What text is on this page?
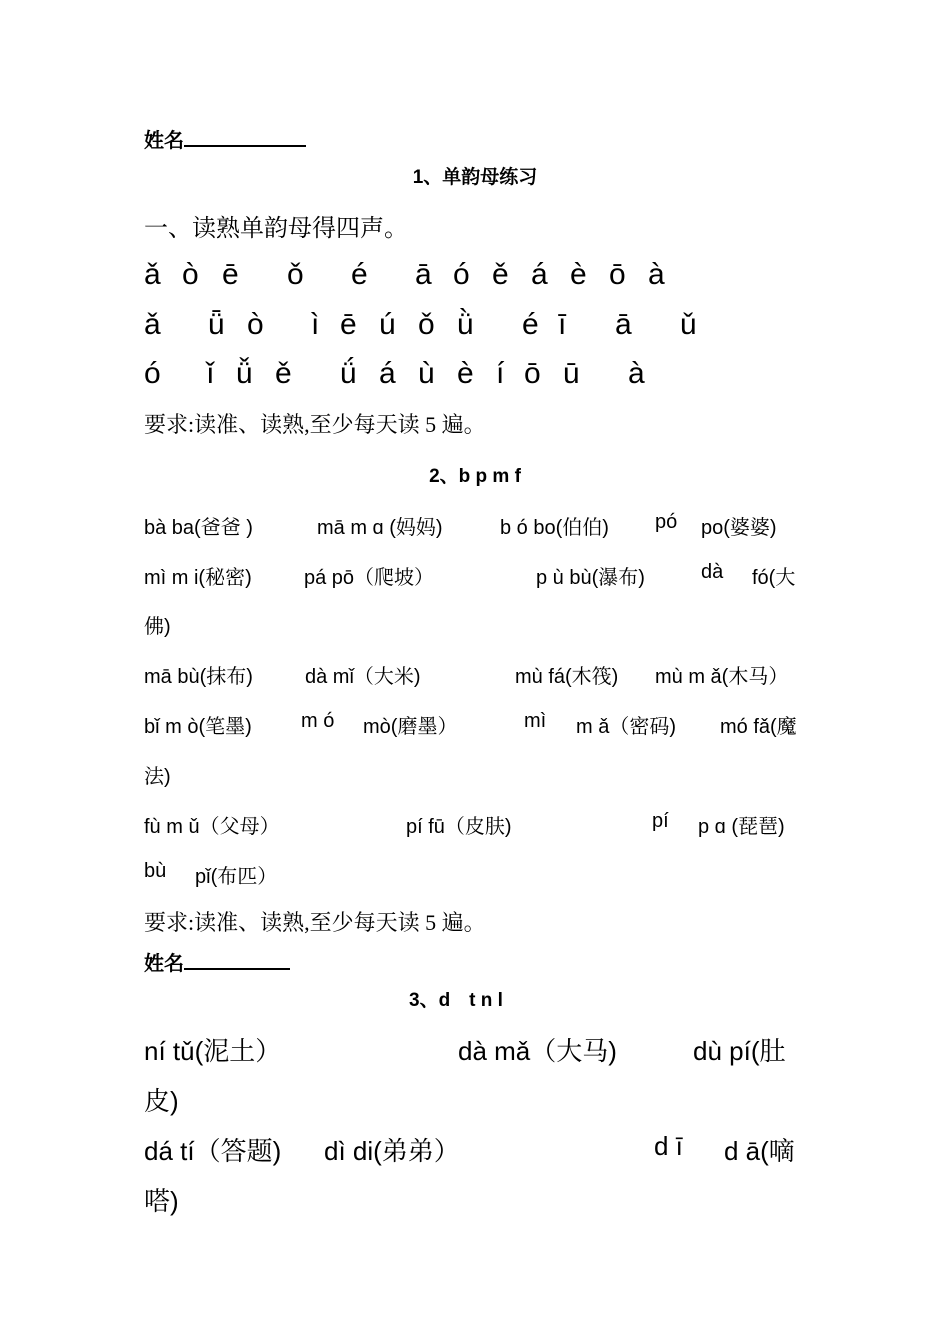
姓名
1、单韵母练习
一、读熟单韵母得四声。
ǎ ò ē ǒ é ā ó ě á è ō à
ǎ ǖ ò ì ē ú ǒ ǜ é ī ā ǔ
ó ǐ ǚ ě ǘ á ù è í ō ū à
要求:读准、读熟,至少每天读 5 遍。
2、b p m f
bà ba(爸爸 )	mā m ɑ (妈妈)	b ó bo(伯伯) pó po(婆婆)
mì m i(秘密)	pá pō（爬坡）	p ù bù(瀑布)	dà fó(大
佛)
mā bù(抹布)	dà mǐ（大米)	mù fá(木筏) mù m ǎ(木马）
bǐ m ò(笔墨) m ó mò(磨墨）	mì m ǎ（密码) mó fǎ(魔
法)
fù m ǔ（父母）	pí fū（皮肤)	pí p ɑ (琵琶)
bù pǐ(布匹）
要求:读准、读熟,至少每天读 5 遍。
姓名
3、d　t n l
ní tǔ(泥土）	dà mǎ（大马)	dù pí(肚
皮)
dá tí（答题) dì di(弟弟）	d ī d ā(嘀
嗒)
